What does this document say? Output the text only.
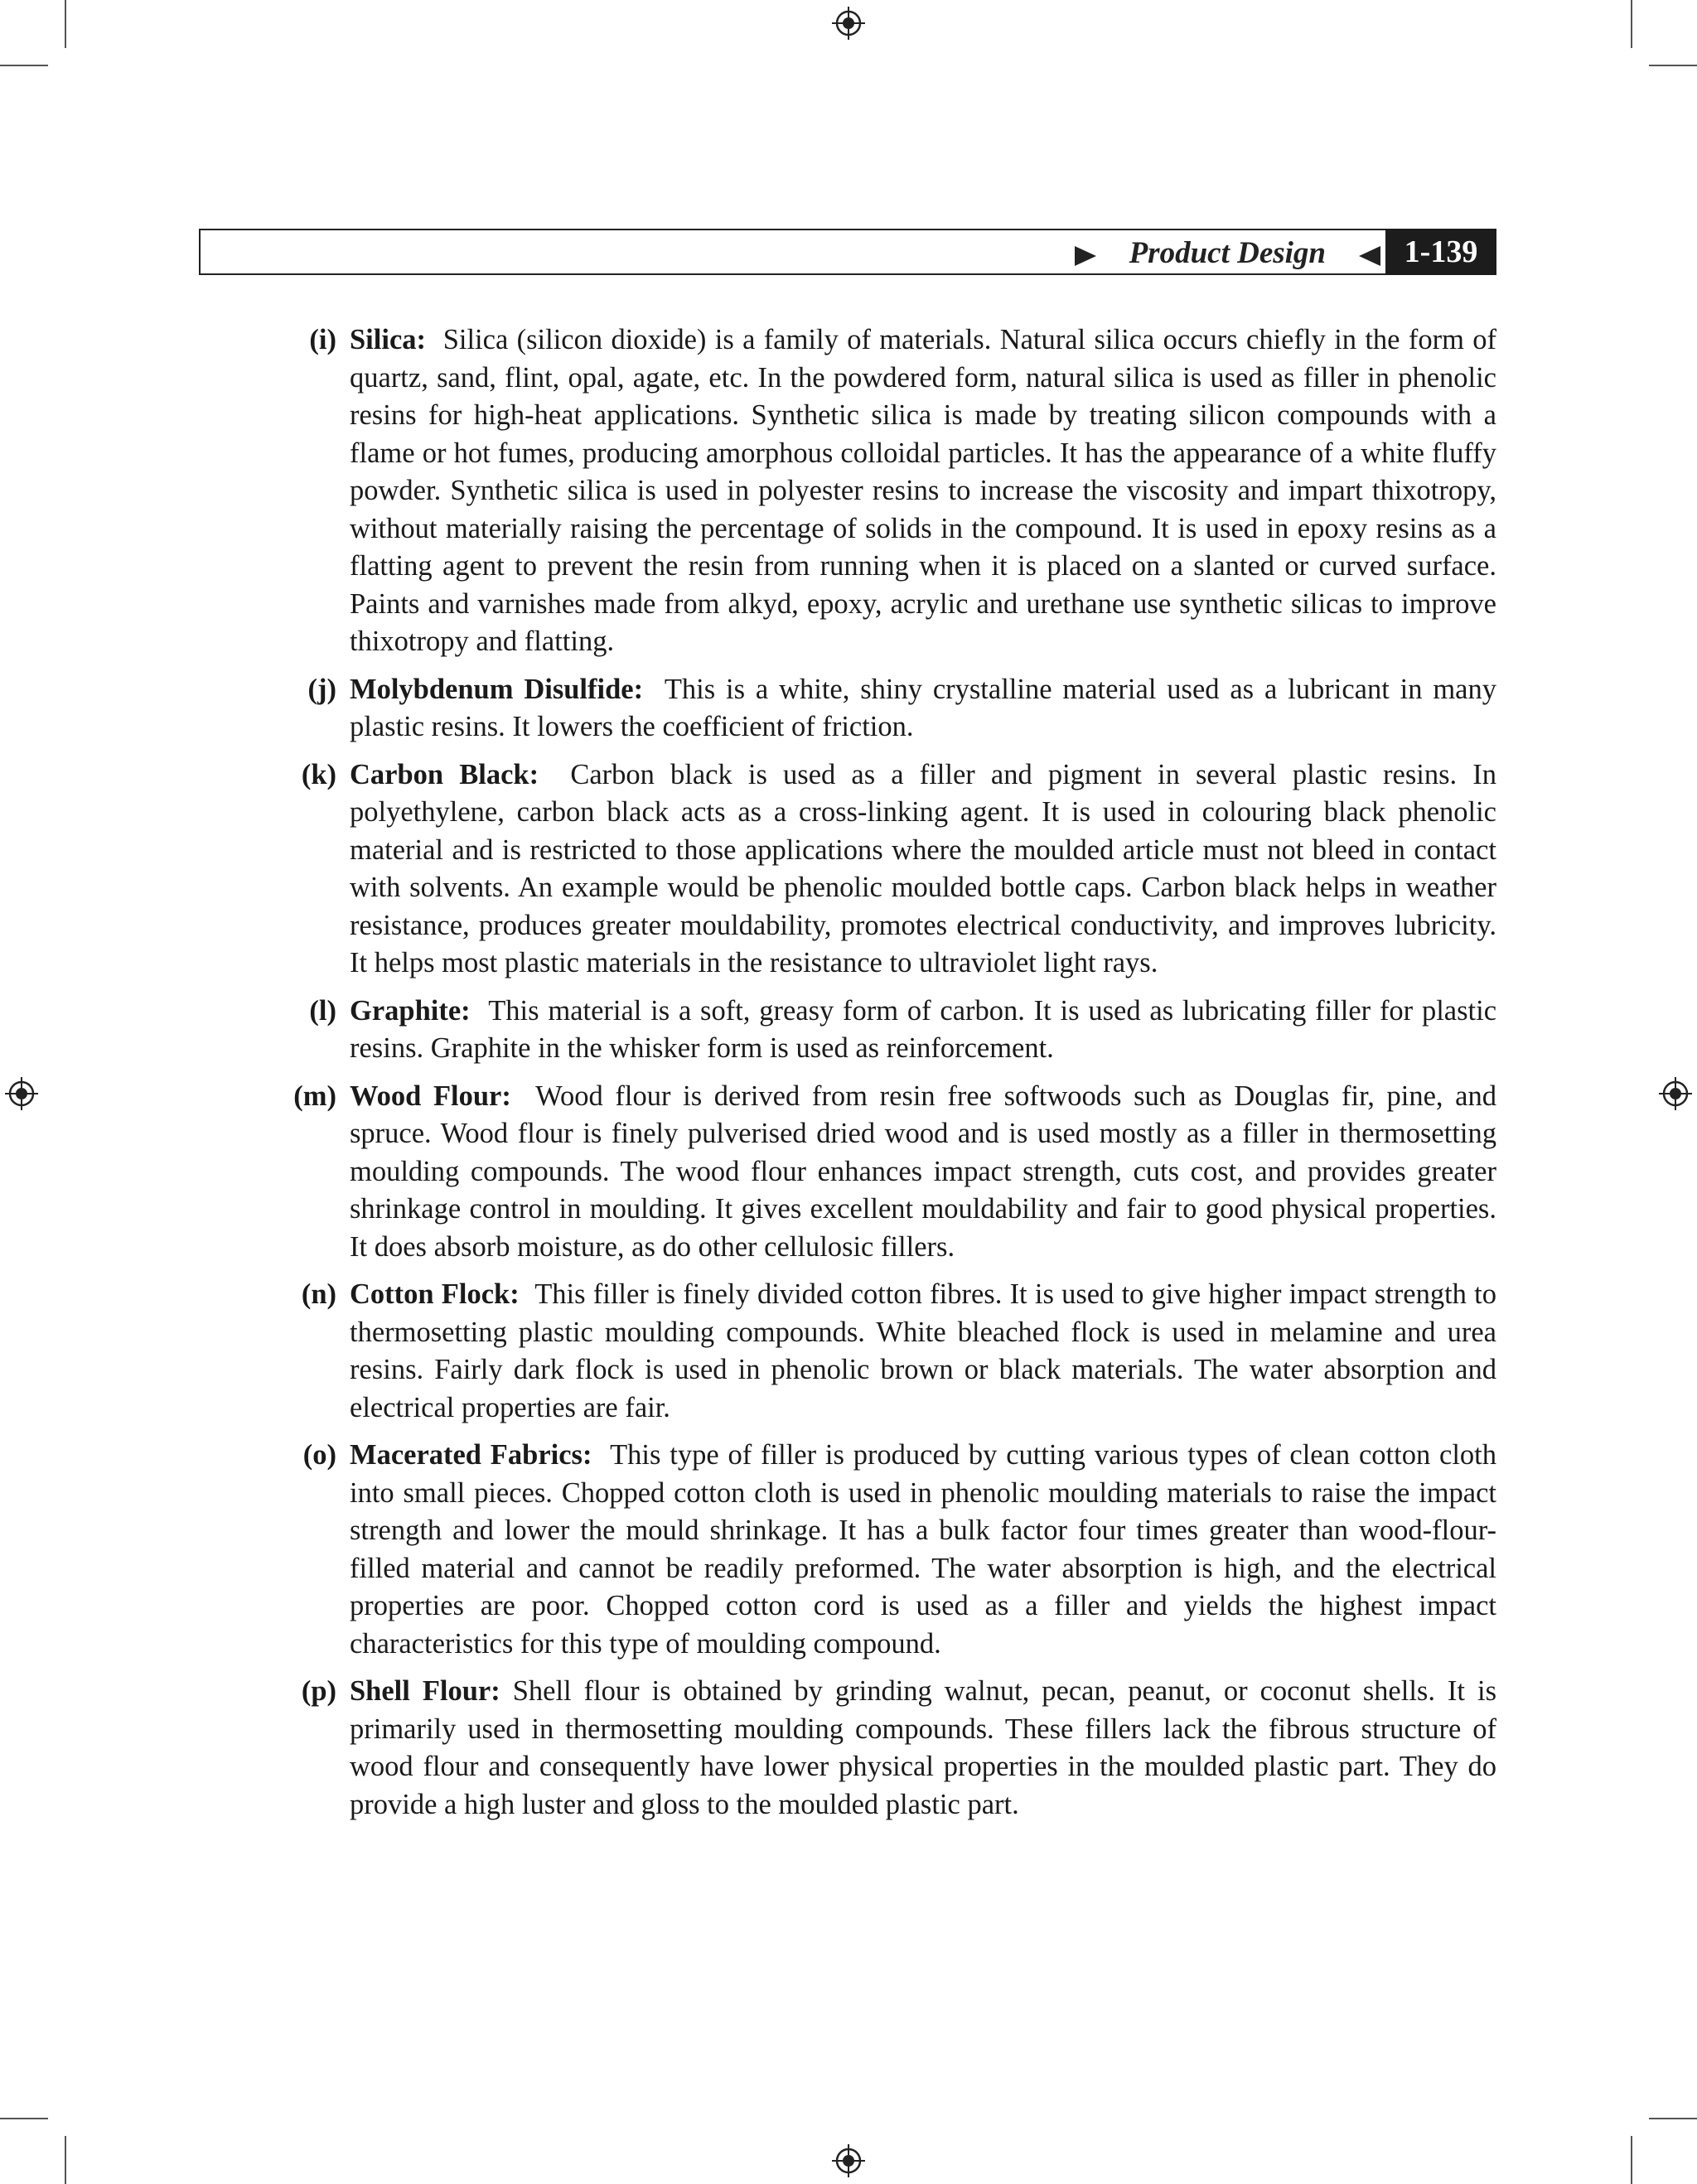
Product Design	1-139
(i) Silica: Silica (silicon dioxide) is a family of materials. Natural silica occurs chiefly in the form of quartz, sand, flint, opal, agate, etc. In the powdered form, natural silica is used as filler in phenolic resins for high-heat applications. Synthetic silica is made by treating silicon compounds with a flame or hot fumes, producing amorphous colloidal particles. It has the appearance of a white fluffy powder. Synthetic silica is used in polyester resins to increase the viscosity and impart thixotropy, without materially raising the percentage of solids in the compound. It is used in epoxy resins as a flatting agent to prevent the resin from running when it is placed on a slanted or curved surface. Paints and varnishes made from alkyd, epoxy, acrylic and urethane use synthetic silicas to improve thixotropy and flatting.
(j) Molybdenum Disulfide: This is a white, shiny crystalline material used as a lubricant in many plastic resins. It lowers the coefficient of friction.
(k) Carbon Black: Carbon black is used as a filler and pigment in several plastic resins. In polyethylene, carbon black acts as a cross-linking agent. It is used in colouring black phenolic material and is restricted to those applications where the moulded article must not bleed in contact with solvents. An example would be phenolic moulded bottle caps. Carbon black helps in weather resistance, produces greater mouldability, promotes electrical conductivity, and improves lubricity. It helps most plastic materials in the resistance to ultraviolet light rays.
(l) Graphite: This material is a soft, greasy form of carbon. It is used as lubricating filler for plastic resins. Graphite in the whisker form is used as reinforcement.
(m) Wood Flour: Wood flour is derived from resin free softwoods such as Douglas fir, pine, and spruce. Wood flour is finely pulverised dried wood and is used mostly as a filler in thermosetting moulding compounds. The wood flour enhances impact strength, cuts cost, and provides greater shrinkage control in moulding. It gives excellent mouldability and fair to good physical properties. It does absorb moisture, as do other cellulosic fillers.
(n) Cotton Flock: This filler is finely divided cotton fibres. It is used to give higher impact strength to thermosetting plastic moulding compounds. White bleached flock is used in melamine and urea resins. Fairly dark flock is used in phenolic brown or black materials. The water absorption and electrical properties are fair.
(o) Macerated Fabrics: This type of filler is produced by cutting various types of clean cotton cloth into small pieces. Chopped cotton cloth is used in phenolic moulding materials to raise the impact strength and lower the mould shrinkage. It has a bulk factor four times greater than wood-flour-filled material and cannot be readily preformed. The water absorption is high, and the electrical properties are poor. Chopped cotton cord is used as a filler and yields the highest impact characteristics for this type of moulding compound.
(p) Shell Flour: Shell flour is obtained by grinding walnut, pecan, peanut, or coconut shells. It is primarily used in thermosetting moulding compounds. These fillers lack the fibrous structure of wood flour and consequently have lower physical properties in the moulded plastic part. They do provide a high luster and gloss to the moulded plastic part.
